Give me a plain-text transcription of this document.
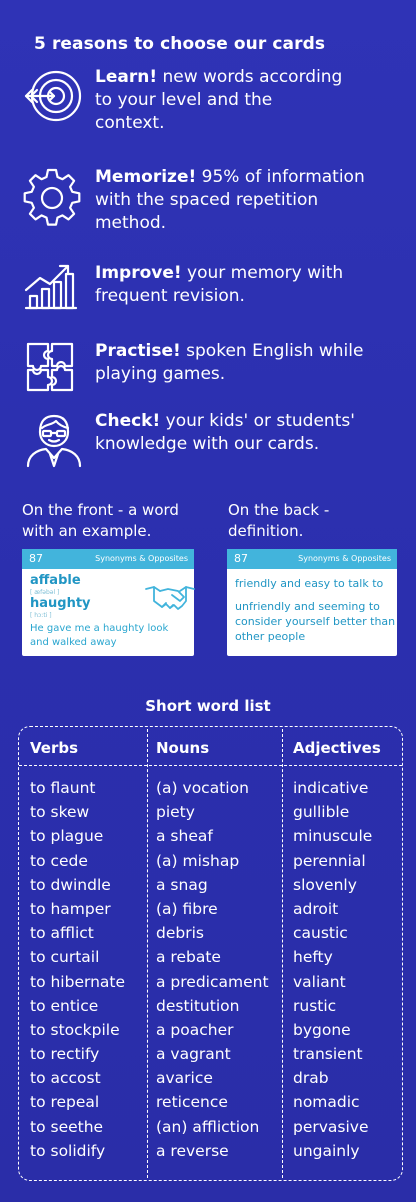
5 reasons to choose our cards
Learn! new words according
to your level and the
context.
Memorize! 95% of information
with the spaced repetition
method.
Improve! your memory with
frequent revision.
Practise! spoken English while
playing games.
Check! your kids' or students'
knowledge with our cards.
On the front - a word
with an example.
On the back -
definition.
87	Synonyms & Opposites
affable
[ æfəbəl ]
haughty
[ hɔːti ]
He gave me a haughty look and walked away
87	Synonyms & Opposites
friendly and easy to talk to
unfriendly and seeming to consider yourself better than other people
Short word list
Verbs
to flaunt
to skew
to plague
to cede
to dwindle
to hamper
to afflict
to curtail
to hibernate
to entice
to stockpile
to rectify
to accost
to repeal
to seethe
to solidify
Nouns
(a) vocation
piety
a sheaf
(a) mishap
a snag
(a) fibre
debris
a rebate
a predicament
destitution
a poacher
a vagrant
avarice
reticence
(an) affliction
a reverse
Adjectives
indicative
gullible
minuscule
perennial
slovenly
adroit
caustic
hefty
valiant
rustic
bygone
transient
drab
nomadic
pervasive
ungainly
